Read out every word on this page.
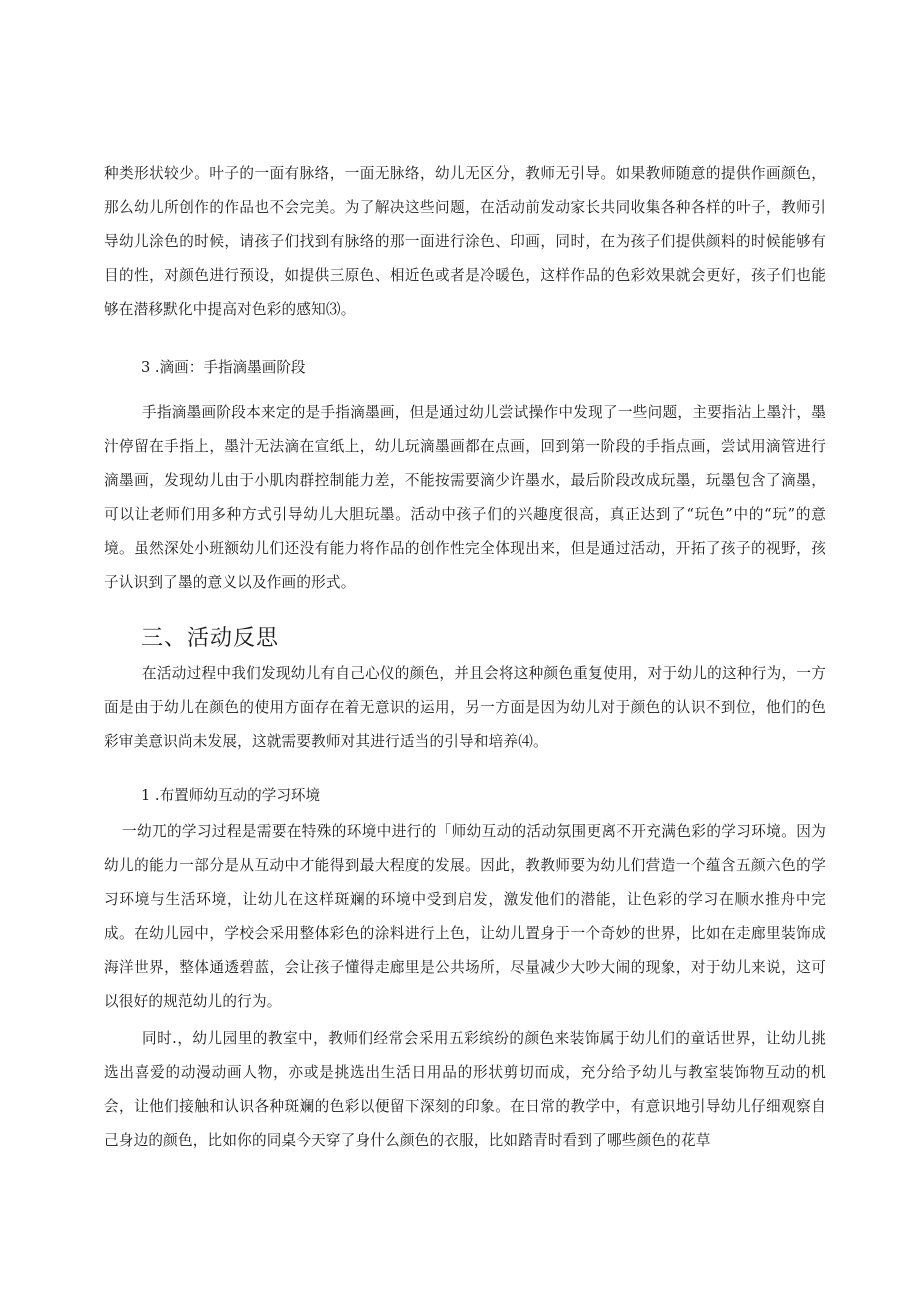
种类形状较少。叶子的一面有脉络，一面无脉络，幼儿无区分，教师无引导。如果教师随意的提供作画颜色，那么幼儿所创作的作品也不会完美。为了解决这些问题，在活动前发动家长共同收集各种各样的叶子，教师引导幼儿涂色的时候，请孩子们找到有脉络的那一面进行涂色、印画，同时，在为孩子们提供颜料的时候能够有目的性，对颜色进行预设，如提供三原色、相近色或者是冷暖色，这样作品的色彩效果就会更好，孩子们也能够在潜移默化中提高对色彩的感知⑶。

3 .滴画：手指滴墨画阶段

手指滴墨画阶段本来定的是手指滴墨画，但是通过幼儿尝试操作中发现了一些问题，主要指沾上墨汁，墨汁停留在手指上，墨汁无法滴在宣纸上，幼儿玩滴墨画都在点画，回到第一阶段的手指点画，尝试用滴管进行滴墨画，发现幼儿由于小肌肉群控制能力差，不能按需要滴少许墨水，最后阶段改成玩墨，玩墨包含了滴墨，可以让老师们用多种方式引导幼儿大胆玩墨。活动中孩子们的兴趣度很高，真正达到了“玩色”中的“玩”的意境。虽然深处小班额幼儿们还没有能力将作品的创作性完全体现出来，但是通过活动，开拓了孩子的视野，孩子认识到了墨的意义以及作画的形式。

三、活动反思

在活动过程中我们发现幼儿有自己心仪的颜色，并且会将这种颜色重复使用，对于幼儿的这种行为，一方面是由于幼儿在颜色的使用方面存在着无意识的运用，另一方面是因为幼儿对于颜色的认识不到位，他们的色彩审美意识尚未发展，这就需要教师对其进行适当的引导和培养⑷。

1 .布置师幼互动的学习环境

一幼兀的学习过程是需要在特殊的环境中进行的「师幼互动的活动氛围更离不开充满色彩的学习环境。因为幼儿的能力一部分是从互动中才能得到最大程度的发展。因此，教教师要为幼儿们营造一个蕴含五颜六色的学习环境与生活环境，让幼儿在这样斑斓的环境中受到启发，激发他们的潜能，让色彩的学习在顺水推舟中完成。在幼儿园中，学校会采用整体彩色的涂料进行上色，让幼儿置身于一个奇妙的世界，比如在走廊里装饰成海洋世界，整体通透碧蓝，会让孩子懂得走廊里是公共场所，尽量减少大吵大闹的现象，对于幼儿来说，这可以很好的规范幼儿的行为。

同时.，幼儿园里的教室中，教师们经常会采用五彩缤纷的颜色来装饰属于幼儿们的童话世界，让幼儿挑选出喜爱的动漫动画人物，亦或是挑选出生活日用品的形状剪切而成，充分给予幼儿与教室装饰物互动的机会，让他们接触和认识各种斑斓的色彩以便留下深刻的印象。在日常的教学中，有意识地引导幼儿仔细观察自己身边的颜色，比如你的同桌今天穿了身什么颜色的衣服，比如踏青时看到了哪些颜色的花草
